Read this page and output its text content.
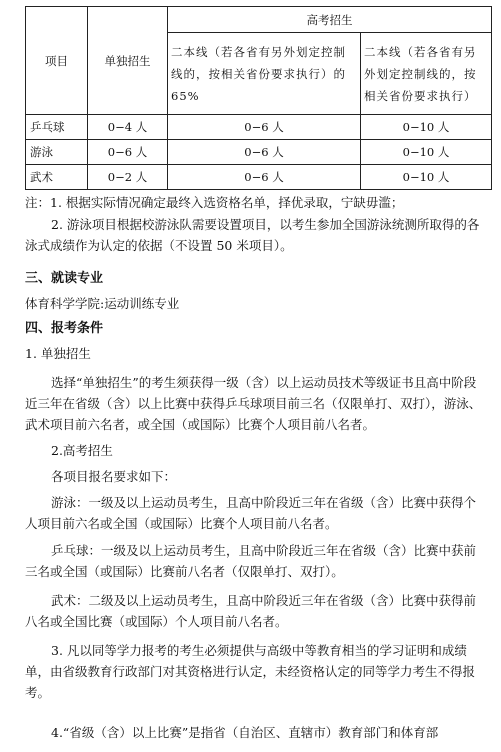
项目	单独招生	高考招生	

		二本线（若各省有另外划定控制线的，按相关省份要求执行）的 65%	二本线（若各省有另外划定控制线的，按相关省份要求执行）

乒乓球	0−4 人	0−6 人	0−10 人
游泳	0−6 人	0−6 人	0−10 人
武术	0−2 人	0−6 人	0−10 人

注：1. 根据实际情况确定最终入选资格名单，择优录取，宁缺毋滥；

2. 游泳项目根据校游泳队需要设置项目，以考生参加全国游泳统测所取得的各泳式成绩作为认定的依据（不设置 50 米项目）。

三、就读专业

体育科学学院:运动训练专业

四、报考条件

1. 单独招生

选择“单独招生”的考生须获得一级（含）以上运动员技术等级证书且高中阶段近三年在省级（含）以上比赛中获得乒乓球项目前三名（仅限单打、双打），游泳、武术项目前六名者，或全国（或国际）比赛个人项目前八名者。

2.高考招生

各项目报名要求如下：

游泳：一级及以上运动员考生，且高中阶段近三年在省级（含）比赛中获得个人项目前六名或全国（或国际）比赛个人项目前八名者。

乒乓球：一级及以上运动员考生，且高中阶段近三年在省级（含）比赛中获前三名或全国（或国际）比赛前八名者（仅限单打、双打）。

武术：二级及以上运动员考生，且高中阶段近三年在省级（含）比赛中获得前八名或全国比赛（或国际）个人项目前八名者。

3. 凡以同等学力报考的考生必须提供与高级中等教育相当的学习证明和成绩单，由省级教育行政部门对其资格进行认定，未经资格认定的同等学力考生不得报考。

4.“省级（含）以上比赛”是指省（自治区、直辖市）教育部门和体育部
